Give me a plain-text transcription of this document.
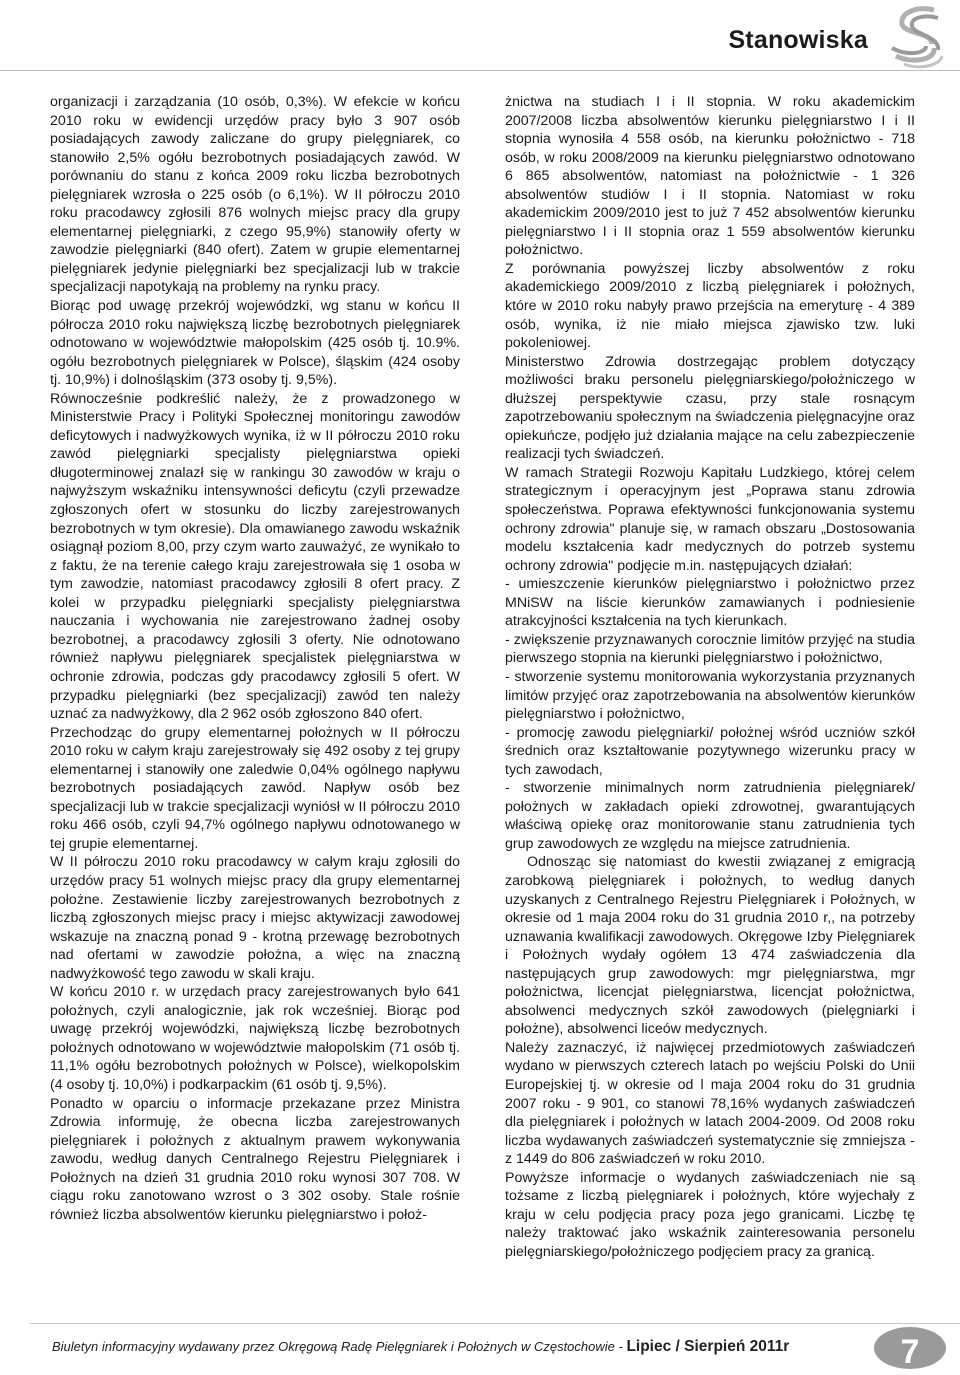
Stanowiska

organizacji i zarządzania (10 osób, 0,3%). W efekcie w końcu 2010 roku w ewidencji urzędów pracy było 3 907 osób posiadających zawody zaliczane do grupy pielęgniarek, co stanowiło 2,5% ogółu bezrobotnych posiadających zawód. W porównaniu do stanu z końca 2009 roku liczba bezrobotnych pielęgniarek wzrosła o 225 osób (o 6,1%). W II półroczu 2010 roku pracodawcy zgłosili 876 wolnych miejsc pracy dla grupy elementarnej pielęgniarki, z czego 95,9%) stanowiły oferty w zawodzie pielęgniarki (840 ofert). Zatem w grupie elementarnej pielęgniarek jedynie pielęgniarki bez specjalizacji lub w trakcie specjalizacji napotykają na problemy na rynku pracy.

Biorąc pod uwagę przekrój wojewódzki, wg stanu w końcu II półrocza 2010 roku największą liczbę bezrobotnych pielęgniarek odnotowano w województwie małopolskim (425 osób tj. 10.9%. ogółu bezrobotnych pielęgniarek w Polsce), śląskim (424 osoby tj. 10,9%) i dolnośląskim (373 osoby tj. 9,5%).

Równocześnie podkreślić należy, że z prowadzonego w Ministerstwie Pracy i Polityki Społecznej monitoringu zawodów deficytowych i nadwyżkowych wynika, iż w II półroczu 2010 roku zawód pielęgniarki specjalisty pielęgniarstwa opieki długoterminowej znalazł się w rankingu 30 zawodów w kraju o najwyższym wskaźniku intensywności deficytu (czyli przewadze zgłoszonych ofert w stosunku do liczby zarejestrowanych bezrobotnych w tym okresie). Dla omawianego zawodu wskaźnik osiągnął poziom 8,00, przy czym warto zauważyć, ze wynikało to z faktu, że na terenie całego kraju zarejestrowała się 1 osoba w tym zawodzie, natomiast pracodawcy zgłosili 8 ofert pracy. Z kolei w przypadku pielęgniarki specjalisty pielęgniarstwa nauczania i wychowania nie zarejestrowano żadnej osoby bezrobotnej, a pracodawcy zgłosili 3 oferty. Nie odnotowano również napływu pielęgniarek specjalistek pielęgniarstwa w ochronie zdrowia, podczas gdy pracodawcy zgłosili 5 ofert. W przypadku pielęgniarki (bez specjalizacji) zawód ten należy uznać za nadwyżkowy, dla 2 962 osób zgłoszono 840 ofert.

Przechodząc do grupy elementarnej położnych w II półroczu 2010 roku w całym kraju zarejestrowały się 492 osoby z tej grupy elementarnej i stanowiły one zaledwie 0,04% ogólnego napływu bezrobotnych posiadających zawód. Napływ osób bez specjalizacji lub w trakcie specjalizacji wyniósł w II półroczu 2010 roku 466 osób, czyli 94,7% ogólnego napływu odnotowanego w tej grupie elementarnej.

W II półroczu 2010 roku pracodawcy w całym kraju zgłosili do urzędów pracy 51 wolnych miejsc pracy dla grupy elementarnej położne. Zestawienie liczby zarejestrowanych bezrobotnych z liczbą zgłoszonych miejsc pracy i miejsc aktywizacji zawodowej wskazuje na znaczną ponad 9 - krotną przewagę bezrobotnych nad ofertami w zawodzie położna, a więc na znaczną nadwyżkowość tego zawodu w skali kraju.

W końcu 2010 r. w urzędach pracy zarejestrowanych było 641 położnych, czyli analogicznie, jak rok wcześniej. Biorąc pod uwagę przekrój wojewódzki, największą liczbę bezrobotnych położnych odnotowano w województwie małopolskim (71 osób tj. 11,1% ogółu bezrobotnych położnych w Polsce), wielkopolskim (4 osoby tj. 10,0%) i podkarpackim (61 osób tj. 9,5%).

Ponadto w oparciu o informacje przekazane przez Ministra Zdrowia informuję, że obecna liczba zarejestrowanych pielęgniarek i położnych z aktualnym prawem wykonywania zawodu, według danych Centralnego Rejestru Pielęgniarek i Położnych na dzień 31 grudnia 2010 roku wynosi 307 708. W ciągu roku zanotowano wzrost o 3 302 osoby. Stale rośnie również liczba absolwentów kierunku pielęgniarstwo i położ-

żnictwa na studiach I i II stopnia. W roku akademickim 2007/2008 liczba absolwentów kierunku pielęgniarstwo I i II stopnia wynosiła 4 558 osób, na kierunku położnictwo - 718 osób, w roku 2008/2009 na kierunku pielęgniarstwo odnotowano 6 865 absolwentów, natomiast na położnictwie - 1 326 absolwentów studiów I i II stopnia. Natomiast w roku akademickim 2009/2010 jest to już 7 452 absolwentów kierunku pielęgniarstwo I i II stopnia oraz 1 559 absolwentów kierunku położnictwo.

Z porównania powyższej liczby absolwentów z roku akademickiego 2009/2010 z liczbą pielęgniarek i położnych, które w 2010 roku nabyły prawo przejścia na emeryturę - 4 389 osób, wynika, iż nie miało miejsca zjawisko tzw. luki pokoleniowej.

Ministerstwo Zdrowia dostrzegając problem dotyczący możliwości braku personelu pielęgniarskiego/położniczego w dłuższej perspektywie czasu, przy stale rosnącym zapotrzebowaniu społecznym na świadczenia pielęgnacyjne oraz opiekuńcze, podjęło już działania mające na celu zabezpieczenie realizacji tych świadczeń.

W ramach Strategii Rozwoju Kapitału Ludzkiego, której celem strategicznym i operacyjnym jest „Poprawa stanu zdrowia społeczeństwa. Poprawa efektywności funkcjonowania systemu ochrony zdrowia" planuje się, w ramach obszaru „Dostosowania modelu kształcenia kadr medycznych do potrzeb systemu ochrony zdrowia" podjęcie m.in. następujących działań:

- umieszczenie kierunków pielęgniarstwo i położnictwo przez MNiSW na liście kierunków zamawianych i podniesienie atrakcyjności kształcenia na tych kierunkach.

- zwiększenie przyznawanych corocznie limitów przyjęć na studia pierwszego stopnia na kierunki pielęgniarstwo i położnictwo,

- stworzenie systemu monitorowania wykorzystania przyznanych limitów przyjęć oraz zapotrzebowania na absolwentów kierunków pielęgniarstwo i położnictwo,

- promocję zawodu pielęgniarki/ położnej wśród uczniów szkół średnich oraz kształtowanie pozytywnego wizerunku pracy w tych zawodach,

- stworzenie minimalnych norm zatrudnienia pielęgniarek/ położnych w zakładach opieki zdrowotnej, gwarantujących właściwą opiekę oraz monitorowanie stanu zatrudnienia tych grup zawodowych ze względu na miejsce zatrudnienia.

Odnosząc się natomiast do kwestii związanej z emigracją zarobkową pielęgniarek i położnych, to według danych uzyskanych z Centralnego Rejestru Pielęgniarek i Położnych, w okresie od 1 maja 2004 roku do 31 grudnia 2010 r,, na potrzeby uznawania kwalifikacji zawodowych. Okręgowe Izby Pielęgniarek i Położnych wydały ogółem 13 474 zaświadczenia dla następujących grup zawodowych: mgr pielęgniarstwa, mgr położnictwa, licencjat pielęgniarstwa, licencjat położnictwa, absolwenci medycznych szkół zawodowych (pielęgniarki i położne), absolwenci liceów medycznych.

Należy zaznaczyć, iż najwięcej przedmiotowych zaświadczeń wydano w pierwszych czterech latach po wejściu Polski do Unii Europejskiej tj. w okresie od l maja 2004 roku do 31 grudnia 2007 roku - 9 901, co stanowi 78,16% wydanych zaświadczeń dla pielęgniarek i położnych w latach 2004-2009. Od 2008 roku liczba wydawanych zaświadczeń systematycznie się zmniejsza - z 1449 do 806 zaświadczeń w roku 2010.

Powyższe informacje o wydanych zaświadczeniach nie są tożsame z liczbą pielęgniarek i położnych, które wyjechały z kraju w celu podjęcia pracy poza jego granicami. Liczbę tę należy traktować jako wskaźnik zainteresowania personelu pielęgniarskiego/położniczego podjęciem pracy za granicą.

Biuletyn informacyjny wydawany przez Okręgową Radę Pielęgniarek i Położnych w Częstochowie - Lipiec / Sierpień 2011r	7
